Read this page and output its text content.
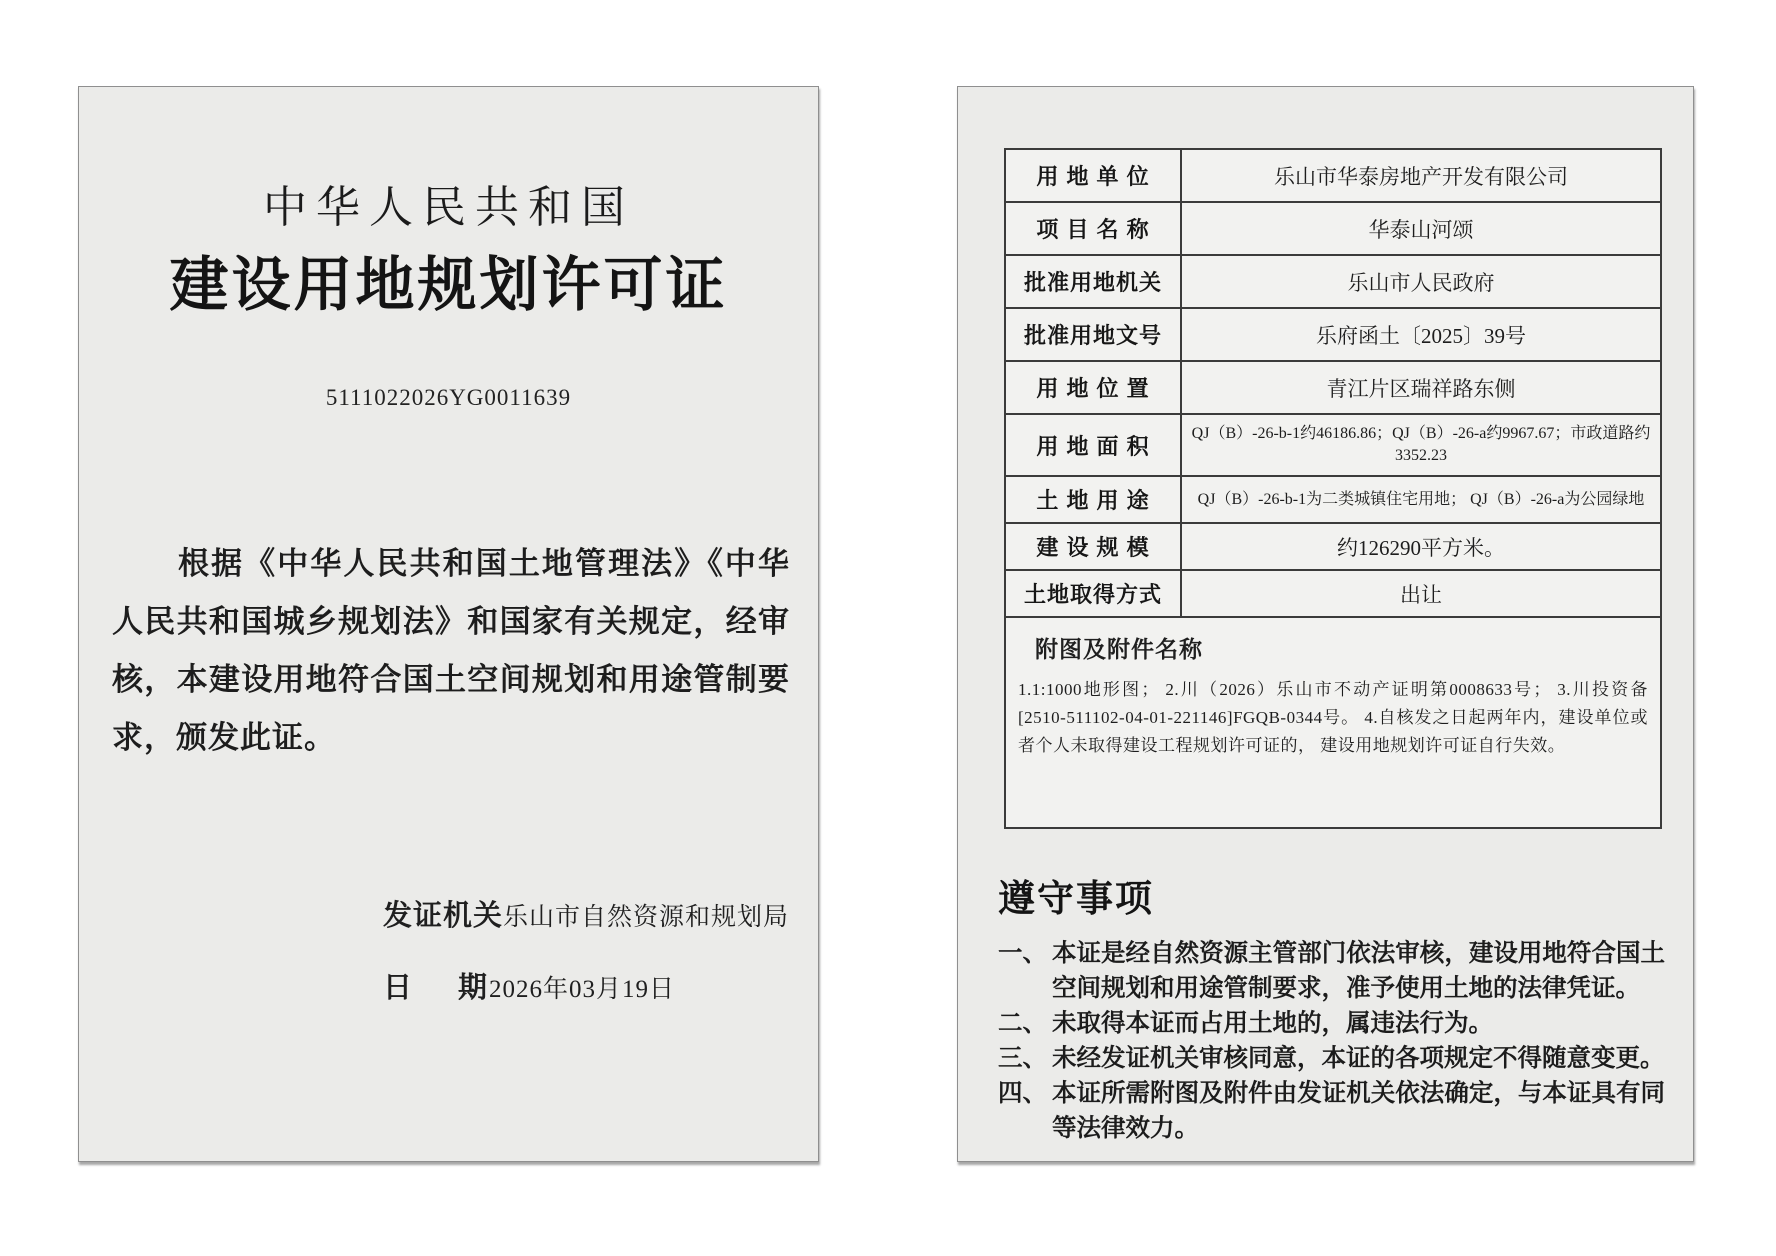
中华人民共和国
建设用地规划许可证
5111022026YG0011639
根据《中华人民共和国土地管理法》《中华人民共和国城乡规划法》和国家有关规定，经审核，本建设用地符合国土空间规划和用途管制要求，颁发此证。
发证机关 乐山市自然资源和规划局
日 期 2026年03月19日
用 地 单 位	乐山市华泰房地产开发有限公司
项 目 名 称	华泰山河颂
批准用地机关	乐山市人民政府
批准用地文号	乐府函土〔2025〕39号
用 地 位 置	青江片区瑞祥路东侧
用 地 面 积	QJ（B）-26-b-1约46186.86；QJ（B）-26-a约9967.67；市政道路约3352.23
土 地 用 途	QJ（B）-26-b-1为二类城镇住宅用地； QJ（B）-26-a为公园绿地
建 设 规 模	约126290平方米。
土地取得方式	出让
附图及附件名称
1.1:1000地形图； 2.川（2026）乐山市不动产证明第0008633号； 3.川投资备[2510-511102-04-01-221146]FGQB-0344号。 4.自核发之日起两年内，建设单位或者个人未取得建设工程规划许可证的， 建设用地规划许可证自行失效。
遵守事项
一、 本证是经自然资源主管部门依法审核，建设用地符合国土空间规划和用途管制要求，准予使用土地的法律凭证。
二、 未取得本证而占用土地的，属违法行为。
三、 未经发证机关审核同意，本证的各项规定不得随意变更。
四、 本证所需附图及附件由发证机关依法确定，与本证具有同等法律效力。
